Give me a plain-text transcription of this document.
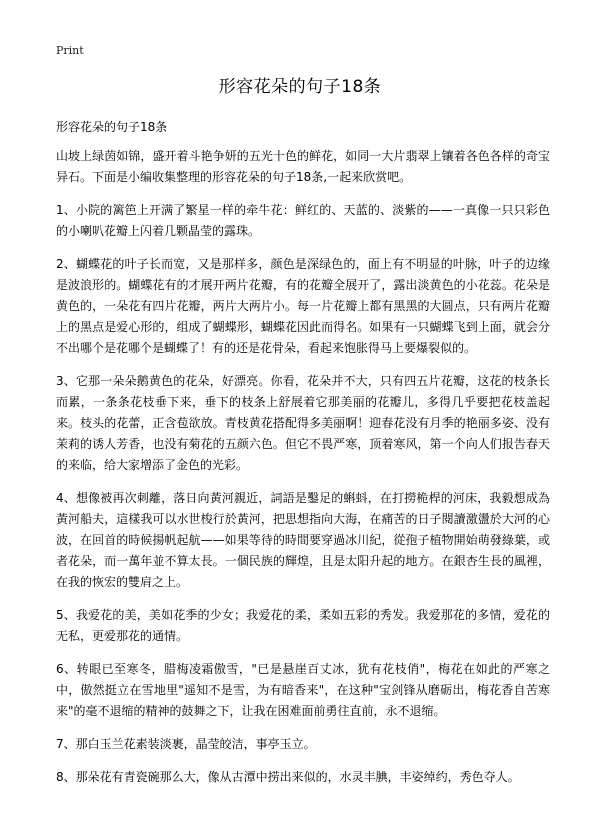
Print
形容花朵的句子18条
形容花朵的句子18条

山坡上绿茵如锦，盛开着斗艳争妍的五光十色的鲜花，如同一大片翡翠上镶着各色各样的奇宝异石。下面是小编收集整理的形容花朵的句子18条,一起来欣赏吧。

1、小院的篱笆上开满了繁星一样的牵牛花：鲜红的、天蓝的、淡紫的——一真像一只只彩色的小喇叭花瓣上闪着几颗晶莹的露珠。

2、蝴蝶花的叶子长而宽，又是那样多，颜色是深绿色的，面上有不明显的叶脉，叶子的边缘是波浪形的。蝴蝶花有的才展开两片花瓣，有的花瓣全展开了，露出淡黄色的小花蕊。花朵是黄色的，一朵花有四片花瓣，两片大两片小。每一片花瓣上都有黑黑的大圆点，只有两片花瓣上的黑点是爱心形的，组成了蝴蝶形，蝴蝶花因此而得名。如果有一只蝴蝶飞到上面，就会分不出哪个是花哪个是蝴蝶了！有的还是花骨朵，看起来饱胀得马上要爆裂似的。

3、它那一朵朵鹅黄色的花朵，好漂亮。你看，花朵并不大，只有四五片花瓣，这花的枝条长而累，一条条花枝垂下来，垂下的枝条上舒展着它那美丽的花瓣儿，多得几乎要把花枝盖起来。枝头的花蕾，正含苞欲放。青枝黄花搭配得多美丽啊！迎春花没有月季的艳丽多姿、没有茉莉的诱人芳香，也没有菊花的五颜六色。但它不畏严寒，顶着寒风，第一个向人们报告春天的来临，给大家增添了金色的光彩。

4、想像被再次刺離，落日向黃河親近，詞語是鑿足的蝌蚪，在打撈桅桿的河床，我毅想成為黃河船夫，這樣我可以水世梭行於黃河，把思想指向大海，在痛苦的日子閱讀激盪於大河的心波，在回首的時候揚帆起航——如果等待的時間要穿過冰川紀，從孢子植物開始萌發綠葉，或者花朵，而一萬年並不算太長。一個民族的輝煌，且是太阳升起的地方。在銀杏生長的風裡，在我的恢宏的雙肩之上。

5、我爱花的美，美如花季的少女；我爱花的柔，柔如五彩的秀发。我爱那花的多情，爱花的无私，更爱那花的通情。

6、转眼已至寒冬，腊梅凌霜傲雪，"已是悬崖百丈冰，犹有花枝俏"，梅花在如此的严寒之中，傲然挺立在雪地里"遥知不是雪，为有暗香来"，在这种"宝剑锋从磨砺出，梅花香自苦寒来"的毫不退缩的精神的鼓舞之下，让我在困难面前勇往直前，永不退缩。

7、那白玉兰花素装淡裹，晶莹皎洁，事亭玉立。

8、那朵花有青瓷碗那么大，像从古潭中捞出来似的，水灵丰腆，丰姿绰约，秀色夺人。
